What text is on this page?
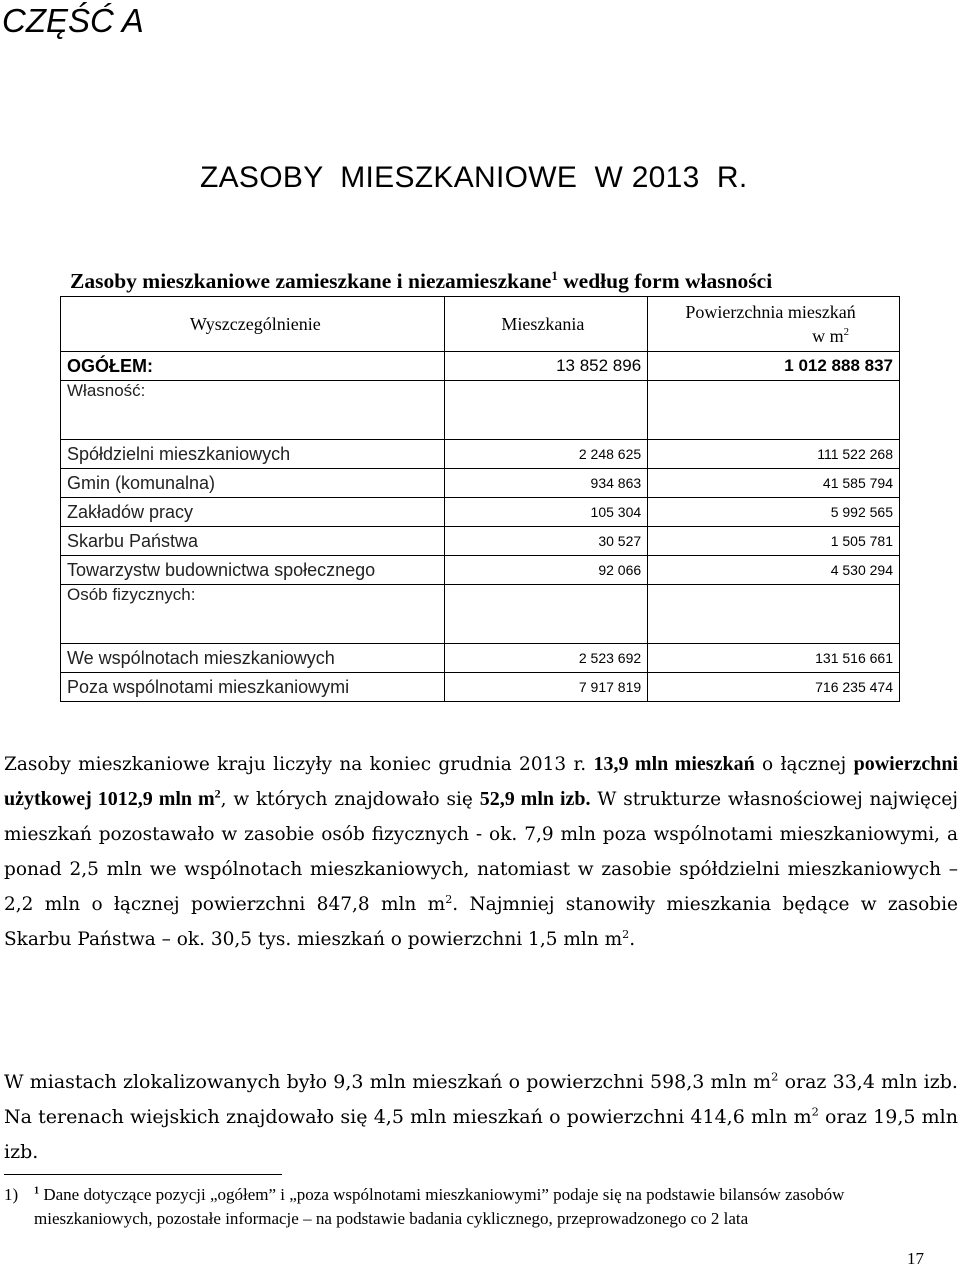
CZĘŚĆ A
ZASOBY  MIESZKANIOWE  W 2013  R.
Zasoby mieszkaniowe zamieszkane i niezamieszkane$^1$ według form własności
Wyszczególnienie	Mieszkania	Powierzchnia mieszkań
w $m^2$
OGÓŁEM:	13 852 896	1 012 888 837
Własność:		
Spółdzielni mieszkaniowych	2 248 625	111 522 268
Gmin (komunalna)	934 863	41 585 794
Zakładów pracy	105 304	5 992 565
Skarbu Państwa	30 527	1 505 781
Towarzystw budownictwa społecznego	92 066	4 530 294
Osób fizycznych:		
We wspólnotach mieszkaniowych	2 523 692	131 516 661
Poza wspólnotami mieszkaniowymi	7 917 819	716 235 474
Zasoby mieszkaniowe kraju liczyły na koniec grudnia 2013 r. 13,9 mln mieszkań o łącznej powierzchni użytkowej 1012,9 mln $m^2$, w których znajdowało się 52,9 mln izb. W strukturze własnościowej najwięcej mieszkań pozostawało w zasobie osób fizycznych - ok. 7,9 mln poza wspólnotami mieszkaniowymi, a ponad 2,5 mln we wspólnotach mieszkaniowych, natomiast w zasobie spółdzielni mieszkaniowych – 2,2 mln o łącznej powierzchni 847,8 mln $m^2$. Najmniej stanowiły mieszkania będące w zasobie Skarbu Państwa – ok. 30,5 tys. mieszkań o powierzchni 1,5 mln $m^2$.
W miastach zlokalizowanych było 9,3 mln mieszkań o powierzchni 598,3 mln $m^2$ oraz 33,4 mln izb. Na terenach wiejskich znajdowało się 4,5 mln mieszkań o powierzchni 414,6 mln $m^2$ oraz 19,5 mln izb.
1) $^1$ Dane dotyczące pozycji „ogółem” i „poza wspólnotami mieszkaniowymi” podaje się na podstawie bilansów zasobów
mieszkaniowych, pozostałe informacje – na podstawie badania cyklicznego, przeprowadzonego co 2 lata
17
